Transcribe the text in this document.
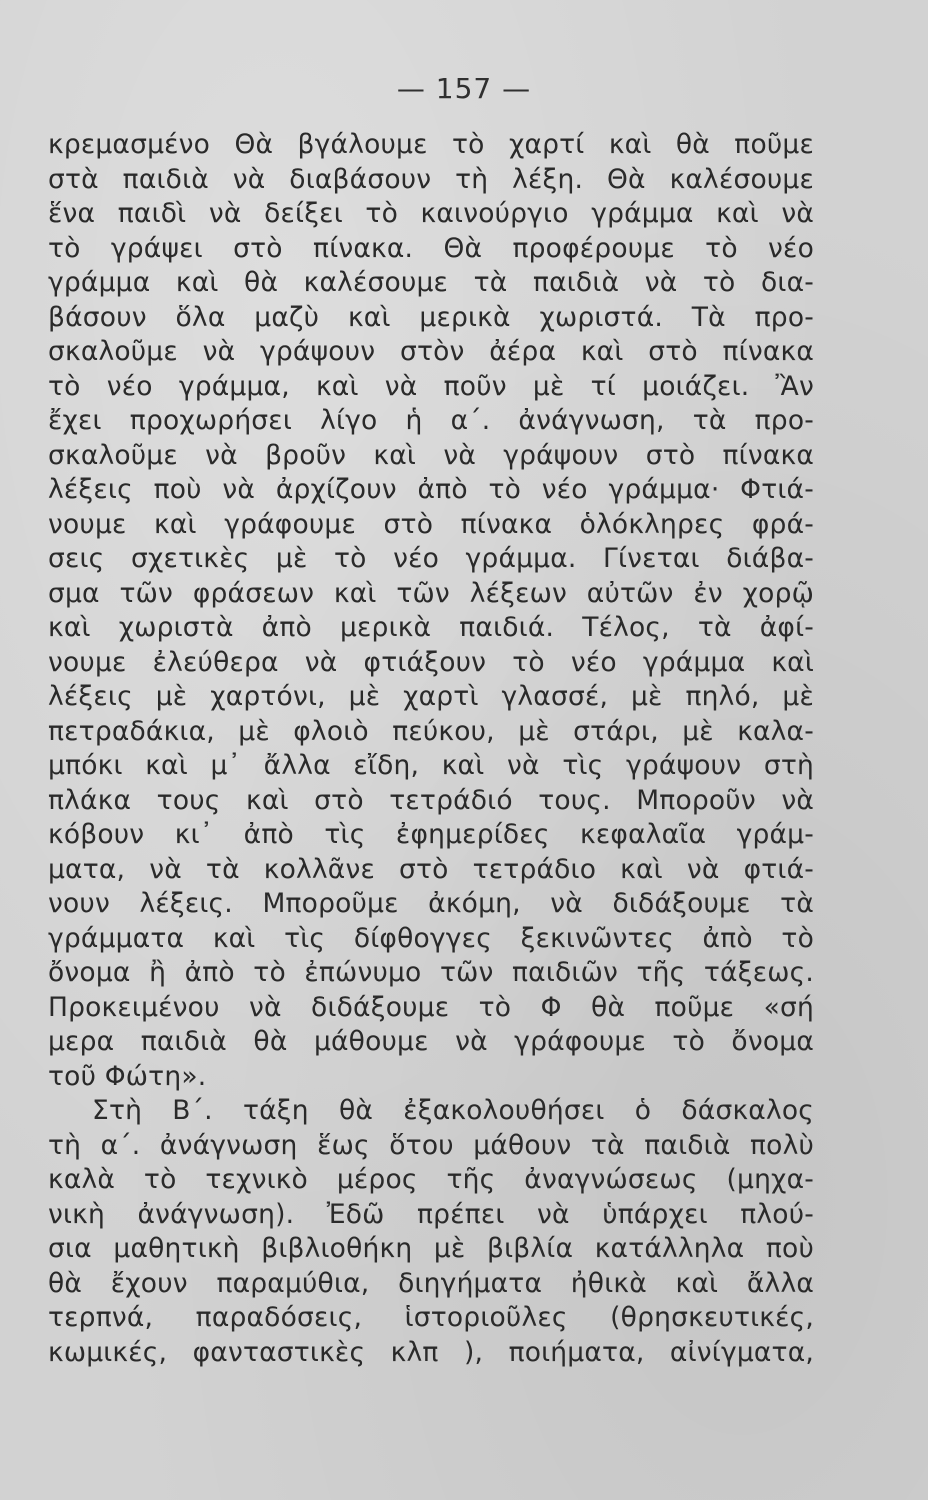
— 157 —
κρεμασμένο Θὰ βγάλουμε τὸ χαρτί καὶ θὰ ποῦμε
στὰ παιδιὰ νὰ διαβάσουν τὴ λέξη. Θὰ καλέσουμε
ἕνα παιδὶ νὰ δείξει τὸ καινούργιο γράμμα καὶ νὰ
τὸ γράψει στὸ πίνακα. Θὰ προφέρουμε τὸ νέο
γράμμα καὶ θὰ καλέσουμε τὰ παιδιὰ νὰ τὸ δια-
βάσουν ὅλα μαζὺ καὶ μερικὰ χωριστά. Τὰ προ-
σκαλοῦμε νὰ γράψουν στὸν ἀέρα καὶ στὸ πίνακα
τὸ νέο γράμμα, καὶ νὰ ποῦν μὲ τί μοιάζει. Ἂν
ἔχει προχωρήσει λίγο ἡ α΄. ἀνάγνωση, τὰ προ-
σκαλοῦμε νὰ βροῦν καὶ νὰ γράψουν στὸ πίνακα
λέξεις ποὺ νὰ ἀρχίζουν ἀπὸ τὸ νέο γράμμα· Φτιά-
νουμε καὶ γράφουμε στὸ πίνακα ὁλόκληρες φρά-
σεις σχετικὲς μὲ τὸ νέο γράμμα. Γίνεται διάβα-
σμα τῶν φράσεων καὶ τῶν λέξεων αὐτῶν ἐν χορῷ
καὶ χωριστὰ ἀπὸ μερικὰ παιδιά. Τέλος, τὰ ἀφί-
νουμε ἐλεύθερα νὰ φτιάξουν τὸ νέο γράμμα καὶ
λέξεις μὲ χαρτόνι, μὲ χαρτὶ γλασσέ, μὲ πηλό, μὲ
πετραδάκια, μὲ φλοιὸ πεύκου, μὲ στάρι, μὲ καλα-
μπόκι καὶ μ᾿ ἄλλα εἴδη, καὶ νὰ τὶς γράψουν στὴ
πλάκα τους καὶ στὸ τετράδιό τους. Μποροῦν νὰ
κόβουν κι᾿ ἀπὸ τὶς ἐφημερίδες κεφαλαῖα γράμ-
ματα, νὰ τὰ κολλᾶνε στὸ τετράδιο καὶ νὰ φτιά-
νουν λέξεις. Μποροῦμε ἀκόμη, νὰ διδάξουμε τὰ
γράμματα καὶ τὶς δίφθογγες ξεκινῶντες ἀπὸ τὸ
ὄνομα ἢ ἀπὸ τὸ ἐπώνυμο τῶν παιδιῶν τῆς τάξεως.
Προκειμένου νὰ διδάξουμε τὸ Φ θὰ ποῦμε «σή
μερα παιδιὰ θὰ μάθουμε νὰ γράφουμε τὸ ὄνομα
τοῦ Φώτη».
Στὴ Β΄. τάξη θὰ ἐξακολουθήσει ὁ δάσκαλος
τὴ α΄. ἀνάγνωση ἕως ὅτου μάθουν τὰ παιδιὰ πολὺ
καλὰ τὸ τεχνικὸ μέρος τῆς ἀναγνώσεως (μηχα-
νικὴ ἀνάγνωση). Ἐδῶ πρέπει νὰ ὑπάρχει πλού-
σια μαθητικὴ βιβλιοθήκη μὲ βιβλία κατάλληλα ποὺ
θὰ ἔχουν παραμύθια, διηγήματα ἠθικὰ καὶ ἄλλα
τερπνά, παραδόσεις, ἱστοριοῦλες (θρησκευτικές,
κωμικές, φανταστικὲς κλπ ), ποιήματα, αἰνίγματα,
